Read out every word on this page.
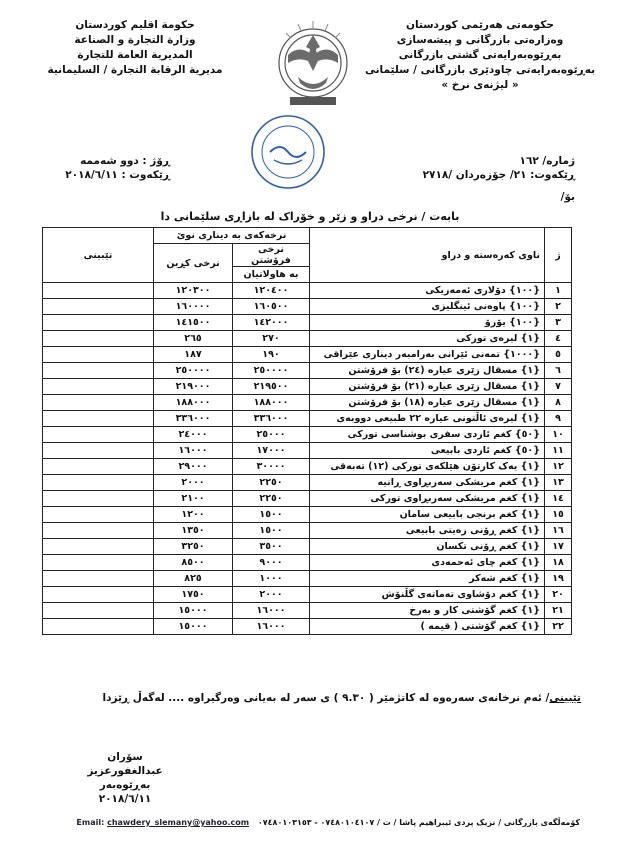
حکومەتی هەرێمی کوردستان
وەزارەتی بازرگانی و پیشەسازی
بەڕێوەبەرایەتی گشتی بازرگانی
بەڕێوەبەرایەتی چاودێری بازرگانی / سلێمانی
« لیژنەی نرخ »
حكومة اقليم كوردستان
وزارة التجارة و الصناعة
المديرية العامة للتجارة
مديرية الرقابة التجارة / السليمانية
ژمارە/ ١٦٢
ڕێکەوت: ٢١/ جۆزەردان /٢٧١٨
بۆ/
ڕۆژ : دوو شەممە
ڕێکەوت : ٢٠١٨/٦/١١
بابەت / نرخی دراو و زێر و خۆراک لە بازاڕی سلێمانی دا
ژ	ناوی کەرەستە و دراو	نرخەکەی بە دیناری نوێ		تێبینی
		نرخی فرۆشتن	نرخی کڕین	
		بە هاولاتیان		
١	{١٠٠} دۆلاری ئەمەریکی	١٢٠٤٠٠	١٢٠٣٠٠	
٢	{١٠٠} پاوەنی ئینگلیزی	١٦٠٥٠٠	١٦٠٠٠٠	
٣	{١٠٠} یۆرۆ	١٤٢٠٠٠	١٤١٥٠٠	
٤	{١} لیرەی تورکی	٢٧٠	٢٦٥	
٥	{١٠٠٠} تمەنی ئێرانی بەرامبەر دیناری عێراقی	١٩٠	١٨٧	
٦	{١} مسقال زێری عیارە (٢٤) بۆ فرۆشتن	٢٥٠٠٠٠	٢٥٠٠٠٠	
٧	{١} مسقال زێری عیارە (٢١) بۆ فرۆشتن	٢١٩٥٠٠	٢١٩٠٠٠	
٨	{١} مسقال زێری عیارە (١٨) بۆ فرۆشتن	١٨٨٠٠٠	١٨٨٠٠٠	
٩	{١} لیرەی ئاڵتونی عیارە ٢٢ طبیعی دووبەی	٣٣٦٠٠٠	٣٣٦٠٠٠	
١٠	{٥٠} کغم ئاردی سفری بوشناسی تورکی	٢٥٠٠٠	٢٤٠٠٠	
١١	{٥٠} کغم ئاردی بابیعی	١٧٠٠٠	١٦٠٠٠	
١٢	{١} یەک کارتۆن هێلکەی تورکی (١٢) تەبەقی	٣٠٠٠٠	٢٩٠٠٠	
١٣	{١} کغم مریشکی سەربڕاوی ڕانیە	٢٢٥٠	٢٠٠٠	
١٤	{١} کغم مریشکی سەربڕاوی تورکی	٢٢٥٠	٢١٠٠	
١٥	{١} کغم برنجی بابیعی سامان	١٥٠٠	١٢٠٠	
١٦	{١} کغم ڕۆنی زەیتی بابیعی	١٥٠٠	١٣٥٠	
١٧	{١} کغم ڕۆنی تکسان	٣٥٠٠	٣٢٥٠	
١٨	{١} کغم چای ئەحمەدی	٩٠٠٠	٨٥٠٠	
١٩	{١} کغم شەکر	١٠٠٠	٨٢٥	
٢٠	{١} کغم دۆشاوی تەماتەی گڵنۆش	٢٠٠٠	١٧٥٠	
٢١	{١} کغم گۆشتی کار و بەرخ	١٦٠٠٠	١٥٠٠٠	
٢٢	{١} کغم گۆشتی ( قیمە )	١٦٠٠٠	١٥٠٠٠	
تێبینی/ ئەم نرخانەی سەرەوە لە کاتژمێر ( ٩.٣٠ ) ی سەر لە بەیانی وەرگیراوە .... لەگەڵ ڕێزدا
سۆران عبدالغفورعزیز
بەڕێوەبەر
٢٠١٨/٦/١١
کۆمەڵگەی بازرگانی / نزیک پردی ئیبراهیم پاشا / ت / ٠٧٤٨٠١٠٤١٠٧ - ٠٧٤٨٠١٠٣١٥٣ Email: chawdery_slemany@yahoo.com
